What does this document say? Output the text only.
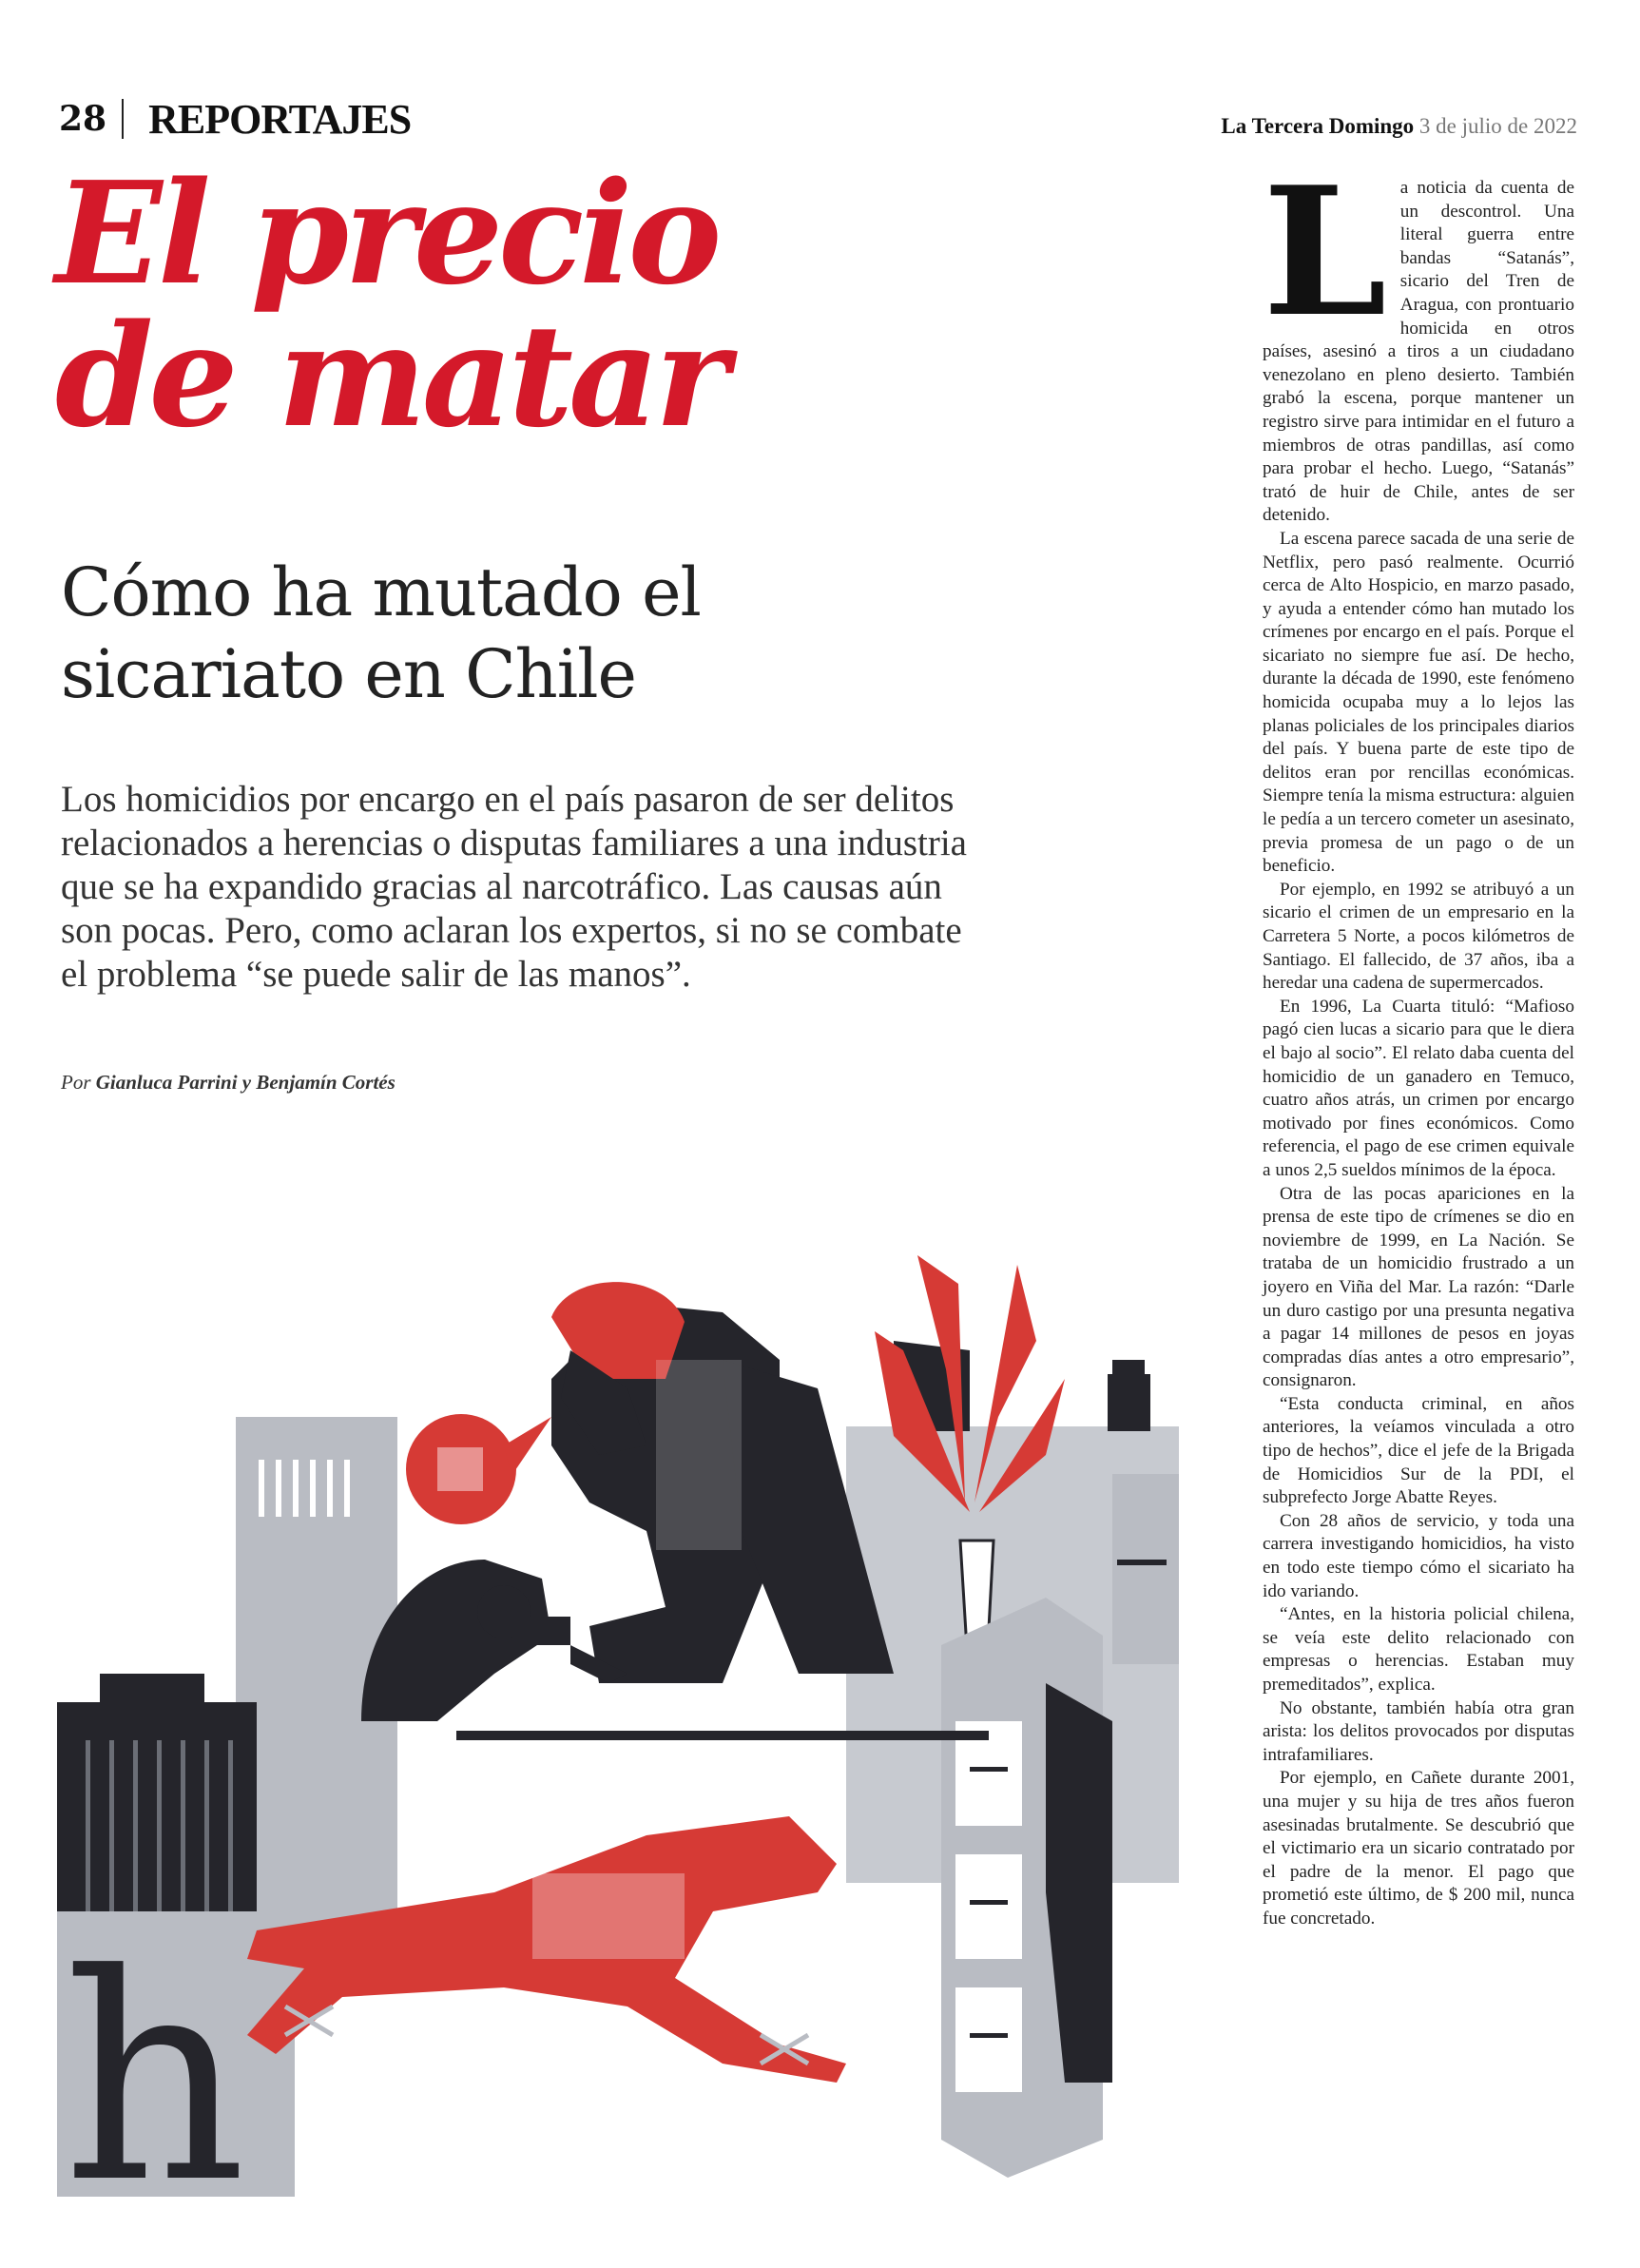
28 REPORTAJES	La Tercera Domingo 3 de julio de 2022
El precio de matar
Cómo ha mutado el sicariato en Chile

Los homicidios por encargo en el país pasaron de ser delitos relacionados a herencias o disputas familiares a una industria que se ha expandido gracias al narcotráfico. Las causas aún son pocas. Pero, como aclaran los expertos, si no se combate el problema “se puede salir de las manos”.

Por Gianluca Parrini y Benjamín Cortés
L a noticia da cuenta de un descontrol. Una literal guerra entre bandas “Satanás”, sicario del Tren de Aragua, con prontuario homicida en otros países, asesinó a tiros a un ciudadano venezolano en pleno desierto. También grabó la escena, porque mantener un registro sirve para intimidar en el futuro a miembros de otras pandillas, así como para probar el hecho. Luego, “Satanás” trató de huir de Chile, antes de ser detenido.

La escena parece sacada de una serie de Netflix, pero pasó realmente. Ocurrió cerca de Alto Hospicio, en marzo pasado, y ayuda a entender cómo han mutado los crímenes por encargo en el país. Porque el sicariato no siempre fue así. De hecho, durante la década de 1990, este fenómeno homicida ocupaba muy a lo lejos las planas policiales de los principales diarios del país. Y buena parte de este tipo de delitos eran por rencillas económicas. Siempre tenía la misma estructura: alguien le pedía a un tercero cometer un asesinato, previa promesa de un pago o de un beneficio.

Por ejemplo, en 1992 se atribuyó a un sicario el crimen de un empresario en la Carretera 5 Norte, a pocos kilómetros de Santiago. El fallecido, de 37 años, iba a heredar una cadena de supermercados.

En 1996, La Cuarta tituló: “Mafioso pagó cien lucas a sicario para que le diera el bajo al socio”. El relato daba cuenta del homicidio de un ganadero en Temuco, cuatro años atrás, un crimen por encargo motivado por fines económicos. Como referencia, el pago de ese crimen equivale a unos 2,5 sueldos mínimos de la época.

Otra de las pocas apariciones en la prensa de este tipo de crímenes se dio en noviembre de 1999, en La Nación. Se trataba de un homicidio frustrado a un joyero en Viña del Mar. La razón: “Darle un duro castigo por una presunta negativa a pagar 14 millones de pesos en joyas compradas días antes a otro empresario”, consignaron.

“Esta conducta criminal, en años anteriores, la veíamos vinculada a otro tipo de hechos”, dice el jefe de la Brigada de Homicidios Sur de la PDI, el subprefecto Jorge Abatte Reyes.

Con 28 años de servicio, y toda una carrera investigando homicidios, ha visto en todo este tiempo cómo el sicariato ha ido variando.

“Antes, en la historia policial chilena, se veía este delito relacionado con empresas o herencias. Estaban muy premeditados”, explica.

No obstante, también había otra gran arista: los delitos provocados por disputas intrafamiliares.

Por ejemplo, en Cañete durante 2001, una mujer y su hija de tres años fueron asesinadas brutalmente. Se descubrió que el victimario era un sicario contratado por el padre de la menor. El pago que prometió este último, de $ 200 mil, nunca fue concretado.

h
